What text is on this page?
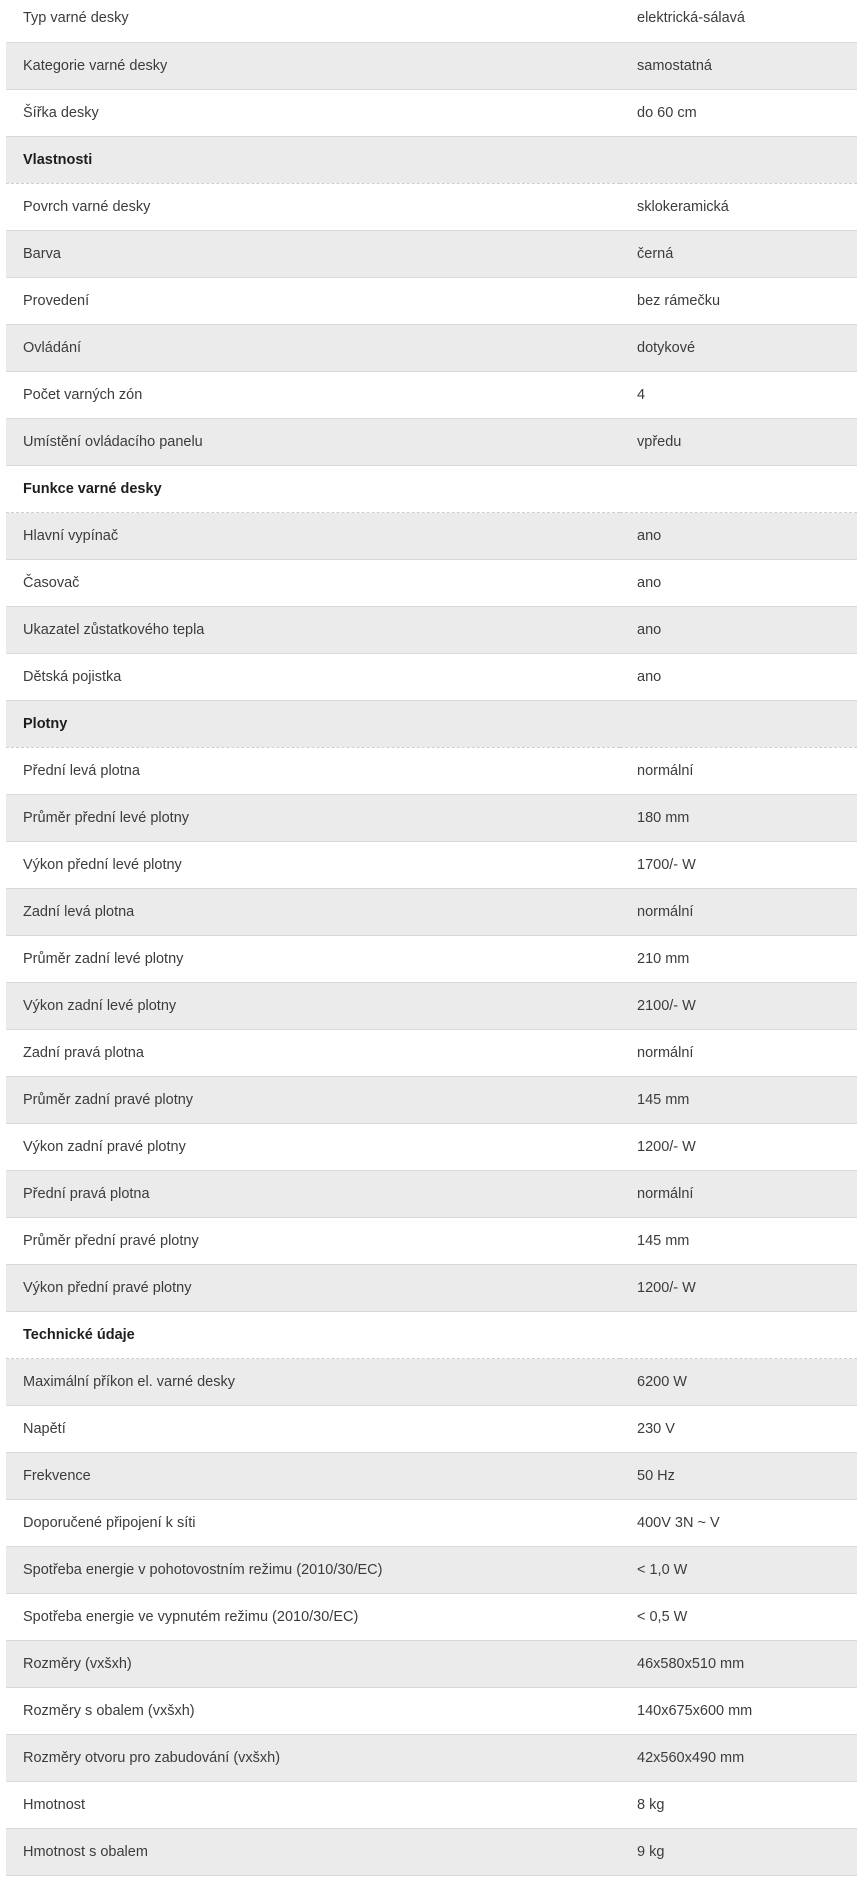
Typ varné desky	elektrická-sálavá
Kategorie varné desky	samostatná
Šířka desky	do 60 cm
Vlastnosti	
Povrch varné desky	sklokeramická
Barva	černá
Provedení	bez rámečku
Ovládání	dotykové
Počet varných zón	4
Umístění ovládacího panelu	vpředu
Funkce varné desky	
Hlavní vypínač	ano
Časovač	ano
Ukazatel zůstatkového tepla	ano
Dětská pojistka	ano
Plotny	
Přední levá plotna	normální
Průměr přední levé plotny	180 mm
Výkon přední levé plotny	1700/- W
Zadní levá plotna	normální
Průměr zadní levé plotny	210 mm
Výkon zadní levé plotny	2100/- W
Zadní pravá plotna	normální
Průměr zadní pravé plotny	145 mm
Výkon zadní pravé plotny	1200/- W
Přední pravá plotna	normální
Průměr přední pravé plotny	145 mm
Výkon přední pravé plotny	1200/- W
Technické údaje	
Maximální příkon el. varné desky	6200 W
Napětí	230 V
Frekvence	50 Hz
Doporučené připojení k síti	400V 3N ~ V
Spotřeba energie v pohotovostním režimu (2010/30/EC)	< 1,0 W
Spotřeba energie ve vypnutém režimu (2010/30/EC)	< 0,5 W
Rozměry (vxšxh)	46x580x510 mm
Rozměry s obalem (vxšxh)	140x675x600 mm
Rozměry otvoru pro zabudování (vxšxh)	42x560x490 mm
Hmotnost	8 kg
Hmotnost s obalem	9 kg
